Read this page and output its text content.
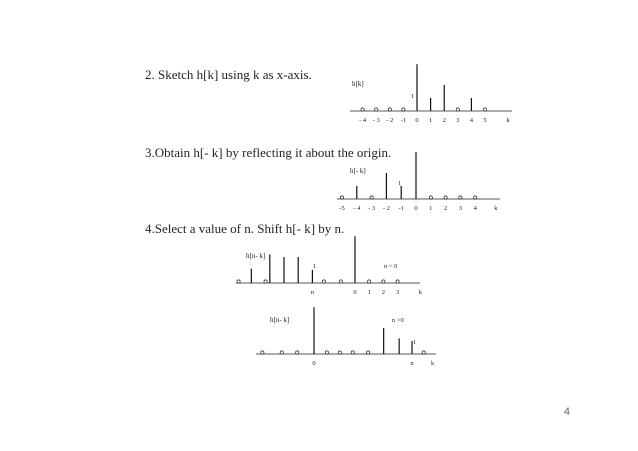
2. Sketch h[k] using k as x-axis.
3.Obtain h[- k] by reflecting it about the origin.
4.Select a value of n. Shift h[- k] by n.
- 4 - 3 - 2 -1 0 1 2 3 4 5	k
h[k]
1
-5 - 4 - 3 - 2 -1 0 1 2 3 4	k
h[- k]
1
n	0 1 2 3	k
h[n- k]
1	n < 0
0	n	k
h[n- k]
1
n >0
4
